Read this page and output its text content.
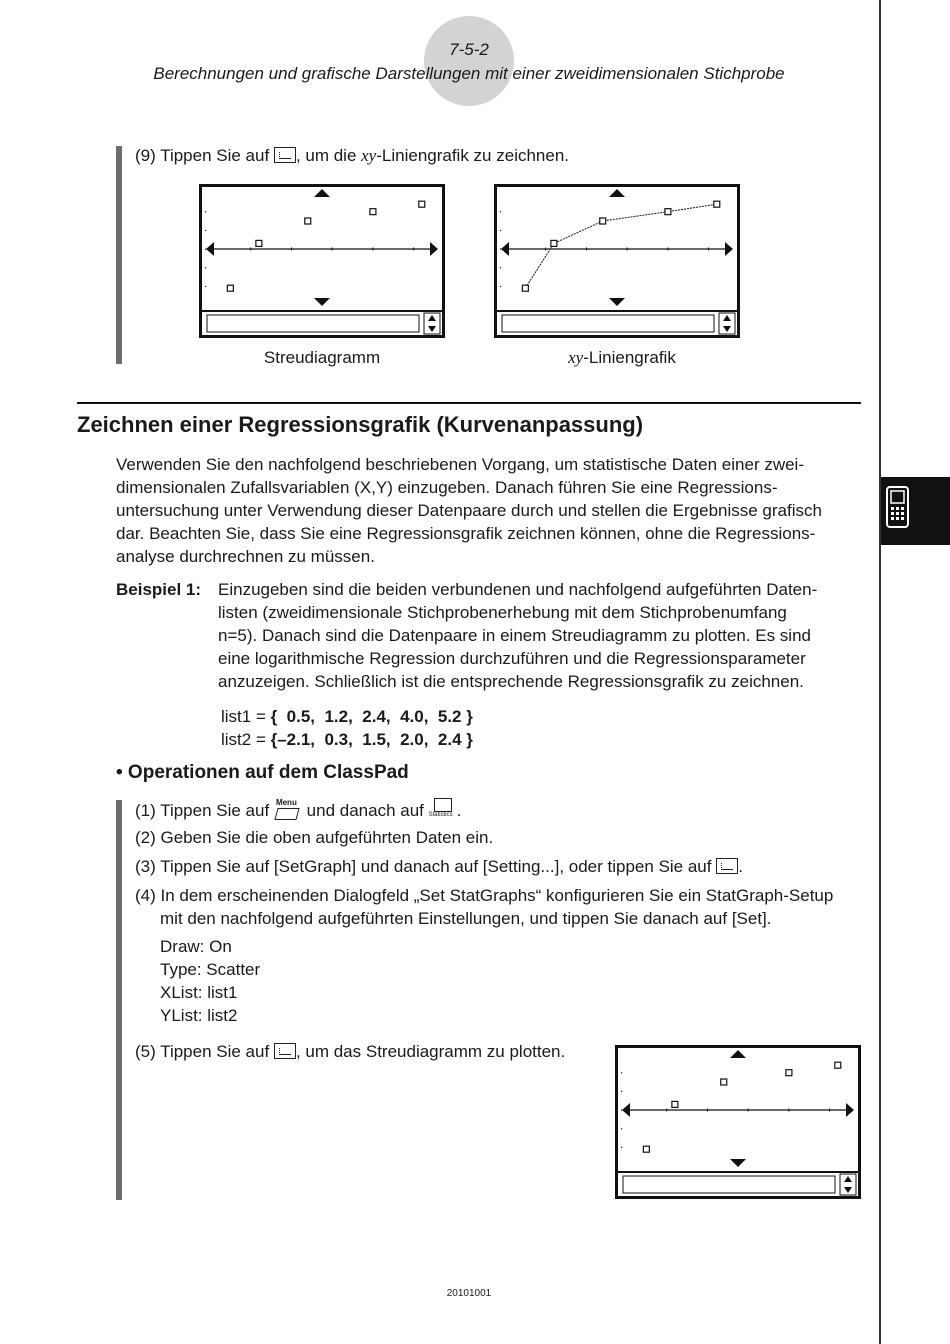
7-5-2
Berechnungen und grafische Darstellungen mit einer zweidimensionalen Stichprobe
(9) Tippen Sie auf , um die xy-Liniengrafik zu zeichnen.
Streudiagramm	xy-Liniengrafik
Zeichnen einer Regressionsgrafik (Kurvenanpassung)
Verwenden Sie den nachfolgend beschriebenen Vorgang, um statistische Daten einer zwei-
dimensionalen Zufallsvariablen (X,Y) einzugeben. Danach führen Sie eine Regressions-
untersuchung unter Verwendung dieser Datenpaare durch und stellen die Ergebnisse grafisch
dar. Beachten Sie, dass Sie eine Regressionsgrafik zeichnen können, ohne die Regressions-
analyse durchrechnen zu müssen.
Beispiel 1: Einzugeben sind die beiden verbundenen und nachfolgend aufgeführten Daten-
listen (zweidimensionale Stichprobenerhebung mit dem Stichprobenumfang
n=5). Danach sind die Datenpaare in einem Streudiagramm zu plotten. Es sind
eine logarithmische Regression durchzuführen und die Regressionsparameter
anzuzeigen. Schließlich ist die entsprechende Regressionsgrafik zu zeichnen.
list1 = {  0.5,  1.2,  2.4,  4.0,  5.2 }
list2 = {–2.1,  0.3,  1.5,  2.0,  2.4 }
• Operationen auf dem ClassPad
(1) Tippen Sie auf Menu und danach auf Statistics .
(2) Geben Sie die oben aufgeführten Daten ein.
(3) Tippen Sie auf [SetGraph] und danach auf [Setting...], oder tippen Sie auf .
(4) In dem erscheinenden Dialogfeld „Set StatGraphs“ konfigurieren Sie ein StatGraph-Setup
mit den nachfolgend aufgeführten Einstellungen, und tippen Sie danach auf [Set].
Draw: On
Type: Scatter
XList: list1
YList: list2
(5) Tippen Sie auf , um das Streudiagramm zu plotten.
20101001
